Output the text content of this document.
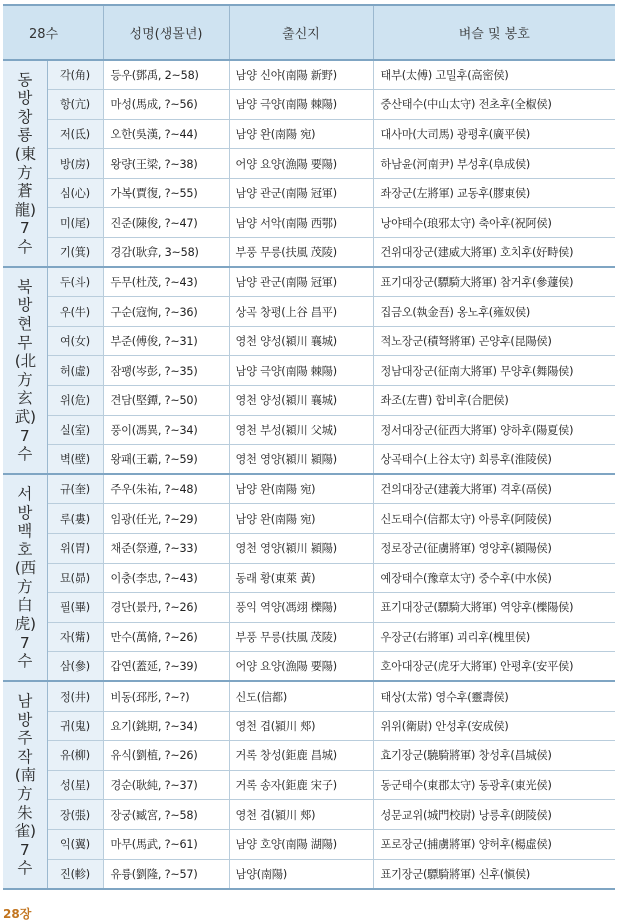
28수		성명(생몰년)	출신지	벼슬 및 봉호
동방 창룡(東方 蒼龍) 7수	각(角)	등우(鄧禹, 2~58)	남양 신야(南陽 新野)	태부(太傅) 고밀후(高密侯)
	항(亢)	마성(馬成, ?~56)	남양 극양(南陽 棘陽)	중산태수(中山太守) 전초후(全椒侯)
	저(氐)	오한(吳漢, ?~44)	남양 완(南陽 宛)	대사마(大司馬) 광평후(廣平侯)
	방(房)	왕량(王梁, ?~38)	어양 요양(漁陽 要陽)	하남윤(河南尹) 부성후(阜成侯)
	심(心)	가복(賈復, ?~55)	남양 관군(南陽 冠軍)	좌장군(左將軍) 교동후(膠東侯)
	미(尾)	진준(陳俊, ?~47)	남양 서악(南陽 西鄂)	낭야태수(琅邪太守) 축아후(祝阿侯)
	기(箕)	경감(耿弇, 3~58)	부풍 무릉(扶風 茂陵)	건위대장군(建威大將軍) 호치후(好畤侯)
북방 현무(北方 玄武) 7수	두(斗)	두무(杜茂, ?~43)	남양 관군(南陽 冠軍)	표기대장군(驃騎大將軍) 참거후(參蘧侯)
	우(牛)	구순(寇恂, ?~36)	상곡 창평(上谷 昌平)	집금오(執金吾) 옹노후(雍奴侯)
	여(女)	부준(傅俊, ?~31)	영천 양성(潁川 襄城)	적노장군(積弩將軍) 곤양후(昆陽侯)
	허(虛)	잠팽(岑彭, ?~35)	남양 극양(南陽 棘陽)	정남대장군(征南大將軍) 무양후(舞陽侯)
	위(危)	견담(堅鐔, ?~50)	영천 양성(潁川 襄城)	좌조(左曹) 합비후(合肥侯)
	실(室)	풍이(馮異, ?~34)	영천 부성(潁川 父城)	정서대장군(征西大將軍) 양하후(陽夏侯)
	벽(壁)	왕패(王霸, ?~59)	영천 영양(潁川 潁陽)	상곡태수(上谷太守) 회릉후(淮陵侯)
서방 백호(西方 白虎) 7수	규(奎)	주우(朱祐, ?~48)	남양 완(南陽 宛)	건의대장군(建義大將軍) 격후(鬲侯)
	루(婁)	임광(任光, ?~29)	남양 완(南陽 宛)	신도태수(信都太守) 아릉후(阿陵侯)
	위(胃)	채준(祭遵, ?~33)	영천 영양(潁川 潁陽)	정로장군(征虜將軍) 영양후(潁陽侯)
	묘(昴)	이충(李忠, ?~43)	동래 황(東萊 黃)	예장태수(豫章太守) 중수후(中水侯)
	필(畢)	경단(景丹, ?~26)	풍익 역양(馮翊 櫟陽)	표기대장군(驃騎大將軍) 역양후(櫟陽侯)
	자(觜)	만수(萬脩, ?~26)	부풍 무릉(扶風 茂陵)	우장군(右將軍) 괴리후(槐里侯)
	삼(參)	갑연(蓋延, ?~39)	어양 요양(漁陽 要陽)	호아대장군(虎牙大將軍) 안평후(安平侯)
남방 주작(南方 朱雀) 7수	정(井)	비동(邳彤, ?~?)	신도(信都)	태상(太常) 영수후(靈壽侯)
	귀(鬼)	요기(銚期, ?~34)	영천 겹(潁川 郟)	위위(衛尉) 안성후(安成侯)
	유(柳)	유식(劉植, ?~26)	거록 창성(鉅鹿 昌城)	효기장군(驍騎將軍) 창성후(昌城侯)
	성(星)	경순(耿純, ?~37)	거록 송자(鉅鹿 宋子)	동군태수(東郡太守) 동광후(東光侯)
	장(張)	장궁(臧宮, ?~58)	영천 겹(潁川 郟)	성문교위(城門校尉) 낭릉후(朗陵侯)
	익(翼)	마무(馬武, ?~61)	남양 호양(南陽 湖陽)	포로장군(捕虜將軍) 양허후(楊虛侯)
	진(軫)	유륭(劉隆, ?~57)	남양(南陽)	표기장군(驃騎將軍) 신후(愼侯)
28장
